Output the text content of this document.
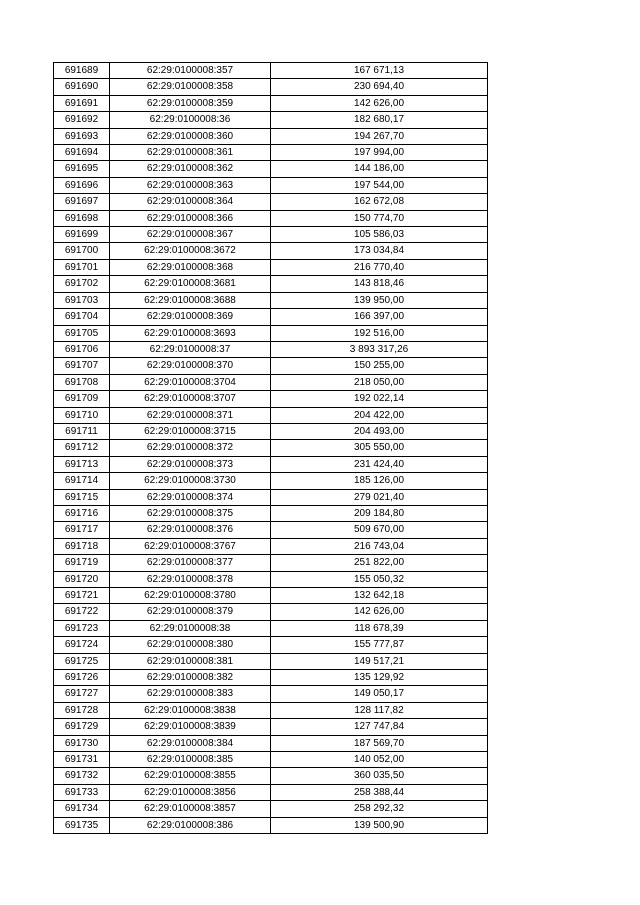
691689	62:29:0100008:357	167 671,13
691690	62:29:0100008:358	230 694,40
691691	62:29:0100008:359	142 626,00
691692	62:29:0100008:36	182 680,17
691693	62:29:0100008:360	194 267,70
691694	62:29:0100008:361	197 994,00
691695	62:29:0100008:362	144 186,00
691696	62:29:0100008:363	197 544,00
691697	62:29:0100008:364	162 672,08
691698	62:29:0100008:366	150 774,70
691699	62:29:0100008:367	105 586,03
691700	62:29:0100008:3672	173 034,84
691701	62:29:0100008:368	216 770,40
691702	62:29:0100008:3681	143 818,46
691703	62:29:0100008:3688	139 950,00
691704	62:29:0100008:369	166 397,00
691705	62:29:0100008:3693	192 516,00
691706	62:29:0100008:37	3 893 317,26
691707	62:29:0100008:370	150 255,00
691708	62:29:0100008:3704	218 050,00
691709	62:29:0100008:3707	192 022,14
691710	62:29:0100008:371	204 422,00
691711	62:29:0100008:3715	204 493,00
691712	62:29:0100008:372	305 550,00
691713	62:29:0100008:373	231 424,40
691714	62:29:0100008:3730	185 126,00
691715	62:29:0100008:374	279 021,40
691716	62:29:0100008:375	209 184,80
691717	62:29:0100008:376	509 670,00
691718	62:29:0100008:3767	216 743,04
691719	62:29:0100008:377	251 822,00
691720	62:29:0100008:378	155 050,32
691721	62:29:0100008:3780	132 642,18
691722	62:29:0100008:379	142 626,00
691723	62:29:0100008:38	118 678,39
691724	62:29:0100008:380	155 777,87
691725	62:29:0100008:381	149 517,21
691726	62:29:0100008:382	135 129,92
691727	62:29:0100008:383	149 050,17
691728	62:29:0100008:3838	128 117,82
691729	62:29:0100008:3839	127 747,84
691730	62:29:0100008:384	187 569,70
691731	62:29:0100008:385	140 052,00
691732	62:29:0100008:3855	360 035,50
691733	62:29:0100008:3856	258 388,44
691734	62:29:0100008:3857	258 292,32
691735	62:29:0100008:386	139 500,90
